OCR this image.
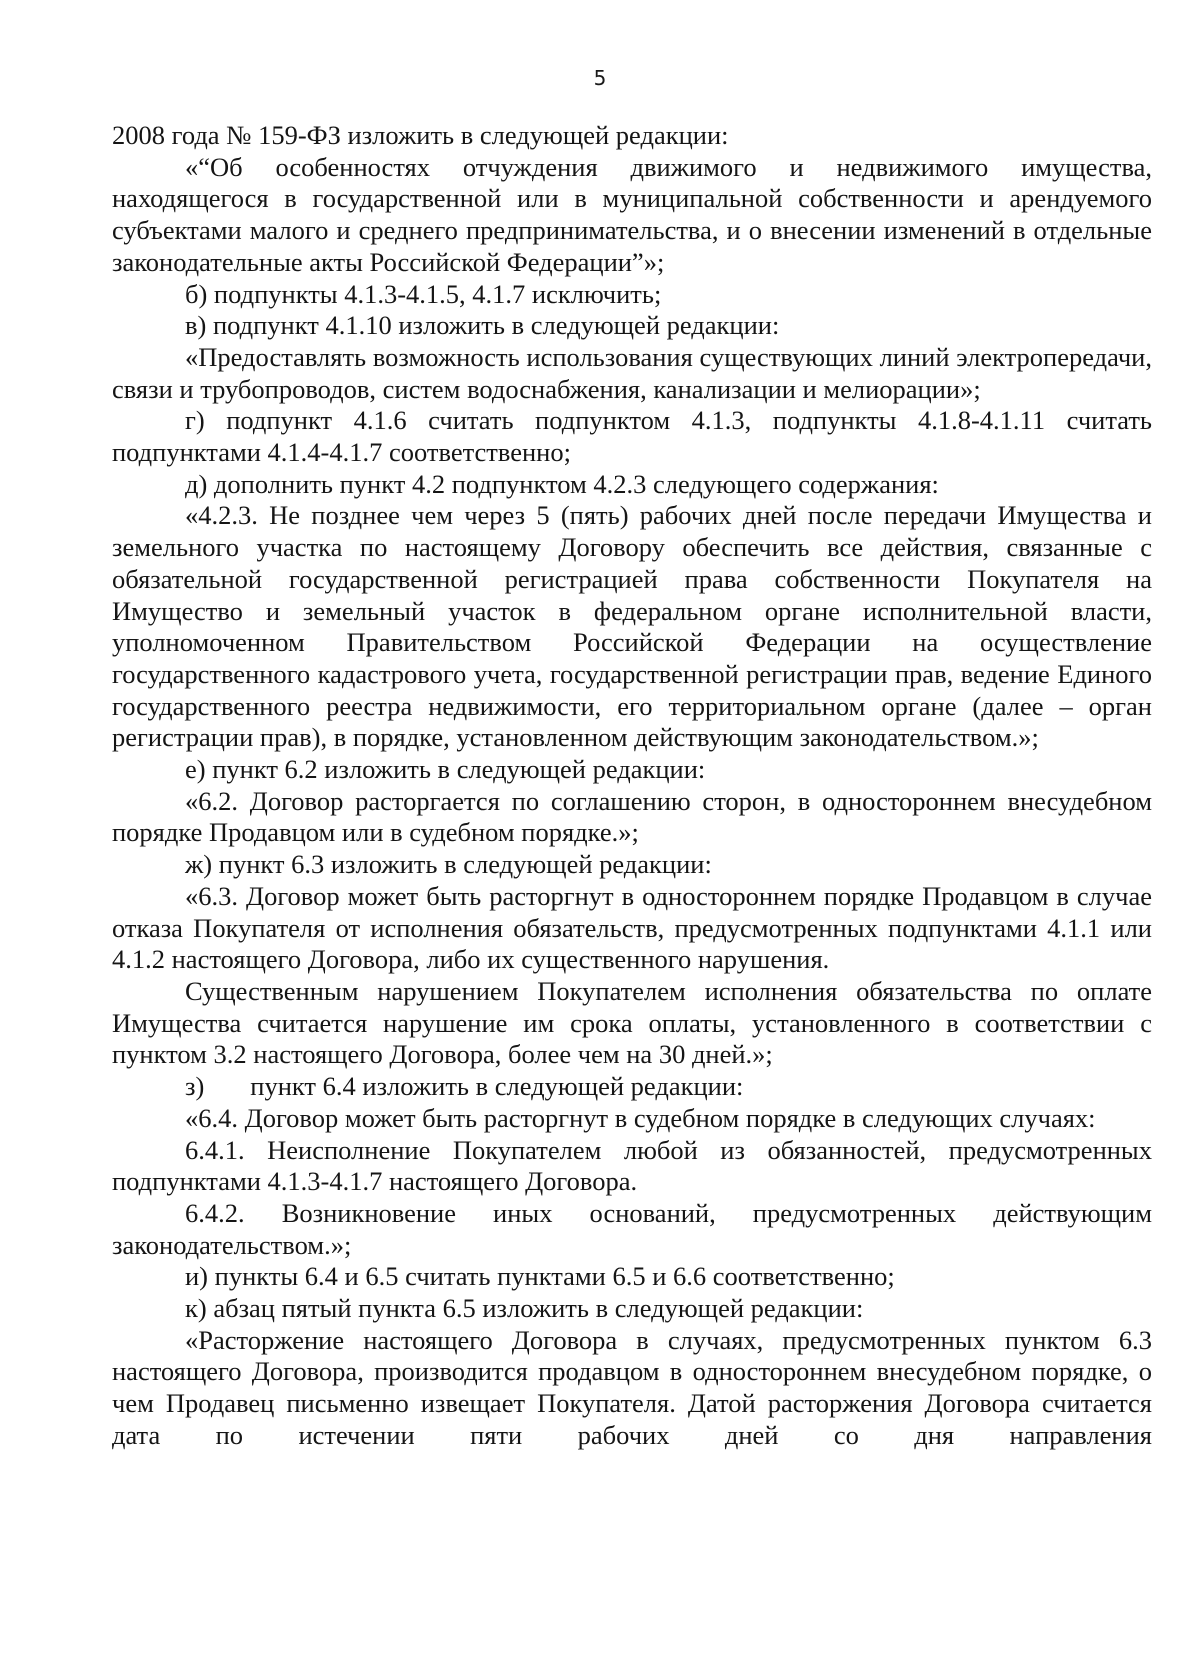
5

2008 года № 159-ФЗ изложить в следующей редакции:

«“Об особенностях отчуждения движимого и недвижимого имущества, находящегося в государственной или в муниципальной собственности и арендуемого субъектами малого и среднего предпринимательства, и о внесении изменений в отдельные законодательные акты Российской Федерации”»;

б) подпункты 4.1.3-4.1.5, 4.1.7 исключить;

в) подпункт 4.1.10 изложить в следующей редакции:

«Предоставлять возможность использования существующих линий электропередачи, связи и трубопроводов, систем водоснабжения, канализации и мелиорации»;

г) подпункт 4.1.6 считать подпунктом 4.1.3, подпункты 4.1.8-4.1.11 считать подпунктами 4.1.4-4.1.7 соответственно;

д) дополнить пункт 4.2 подпунктом 4.2.3 следующего содержания:

«4.2.3. Не позднее чем через 5 (пять) рабочих дней после передачи Имущества и земельного участка по настоящему Договору обеспечить все действия, связанные с обязательной государственной регистрацией права собственности Покупателя на Имущество и земельный участок в федеральном органе исполнительной власти, уполномоченном Правительством Российской Федерации на осуществление государственного кадастрового учета, государственной регистрации прав, ведение Единого государственного реестра недвижимости, его территориальном органе (далее – орган регистрации прав), в порядке, установленном действующим законодательством.»;

е) пункт 6.2 изложить в следующей редакции:

«6.2. Договор расторгается по соглашению сторон, в одностороннем внесудебном порядке Продавцом или в судебном порядке.»;

ж) пункт 6.3 изложить в следующей редакции:

«6.3. Договор может быть расторгнут в одностороннем порядке Продавцом в случае отказа Покупателя от исполнения обязательств, предусмотренных подпунктами 4.1.1 или 4.1.2 настоящего Договора, либо их существенного нарушения.

Существенным нарушением Покупателем исполнения обязательства по оплате Имущества считается нарушение им срока оплаты, установленного в соответствии с пунктом 3.2 настоящего Договора, более чем на 30 дней.»;

з) пункт 6.4 изложить в следующей редакции:

«6.4. Договор может быть расторгнут в судебном порядке в следующих случаях:

6.4.1. Неисполнение Покупателем любой из обязанностей, предусмотренных подпунктами 4.1.3-4.1.7 настоящего Договора.

6.4.2. Возникновение иных оснований, предусмотренных действующим законодательством.»;

и) пункты 6.4 и 6.5 считать пунктами 6.5 и 6.6 соответственно;

к) абзац пятый пункта 6.5 изложить в следующей редакции:

«Расторжение настоящего Договора в случаях, предусмотренных пунктом 6.3 настоящего Договора, производится продавцом в одностороннем внесудебном порядке, о чем Продавец письменно извещает Покупателя. Датой расторжения Договора считается дата по истечении пяти рабочих дней со дня направления
